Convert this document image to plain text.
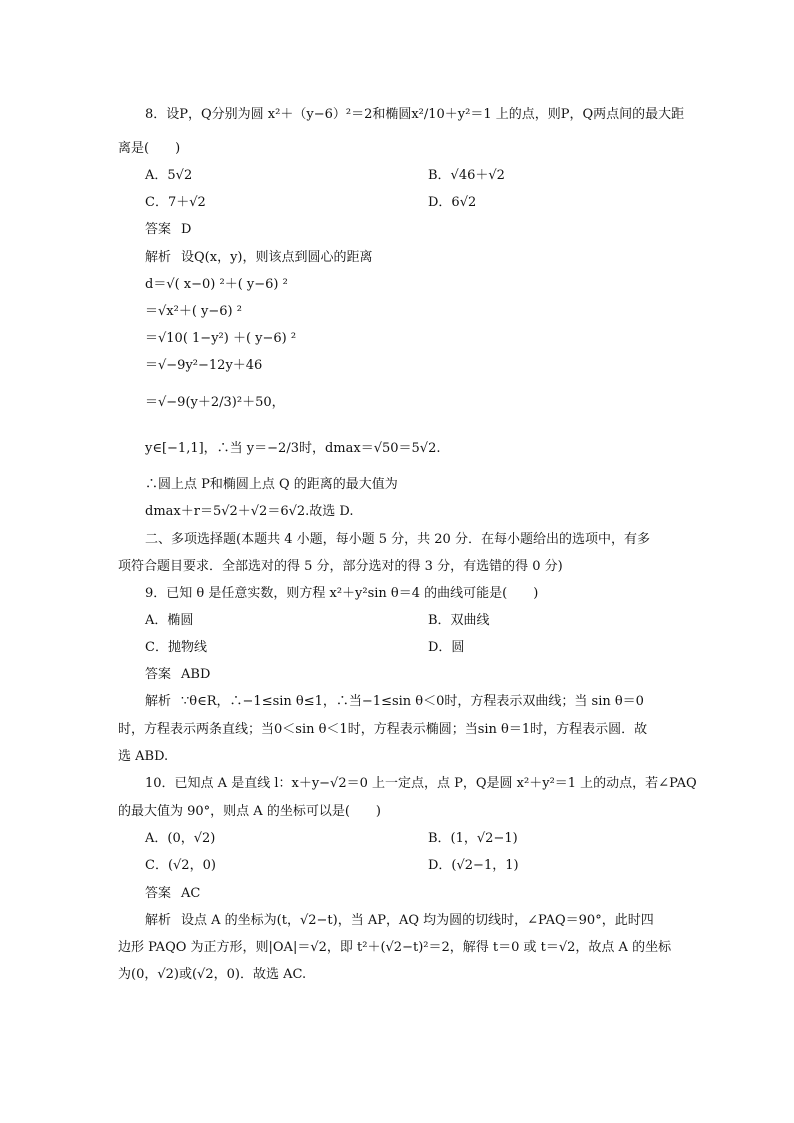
8．设P，Q分别为圆 x²＋（y−6）²＝2和椭圆x²/10＋y²＝1 上的点，则P，Q两点间的最大距
离是(　　)
A．5√2	B．√46＋√2
C．7＋√2	D．6√2
答案 D
解析 设Q(x，y)，则该点到圆心的距离
d＝√( x−0) ²＋( y−6) ²
＝√x²＋( y−6) ²
＝√10( 1−y²) ＋( y−6) ²
＝√−9y²−12y＋46
＝√−9(y＋2/3)²＋50，
y∈[−1,1]，∴当 y＝−2/3时，dmax＝√50＝5√2.
∴圆上点 P和椭圆上点 Q 的距离的最大值为
dmax＋r＝5√2＋√2＝6√2.故选 D.
二、多项选择题(本题共 4 小题，每小题 5 分，共 20 分．在每小题给出的选项中，有多
项符合题目要求．全部选对的得 5 分，部分选对的得 3 分，有选错的得 0 分)
9．已知 θ 是任意实数，则方程 x²＋y²sin θ＝4 的曲线可能是(　　)
A．椭圆	B．双曲线
C．抛物线	D．圆
答案 ABD
解析 ∵θ∈R，∴−1≤sin θ≤1，∴当−1≤sin θ＜0时，方程表示双曲线；当 sin θ＝0
时，方程表示两条直线；当0＜sin θ＜1时，方程表示椭圆；当sin θ＝1时，方程表示圆．故
选 ABD.
10．已知点 A 是直线 l：x＋y−√2＝0 上一定点，点 P，Q是圆 x²＋y²＝1 上的动点，若∠PAQ
的最大值为 90°，则点 A 的坐标可以是(　　)
A．(0，√2)	B．(1，√2−1)
C．(√2，0)	D．(√2−1，1)
答案 AC
解析 设点 A 的坐标为(t，√2−t)，当 AP，AQ 均为圆的切线时，∠PAQ＝90°，此时四
边形 PAQO 为正方形，则|OA|＝√2，即 t²＋(√2−t)²＝2，解得 t＝0 或 t＝√2，故点 A 的坐标
为(0，√2)或(√2，0)．故选 AC.
